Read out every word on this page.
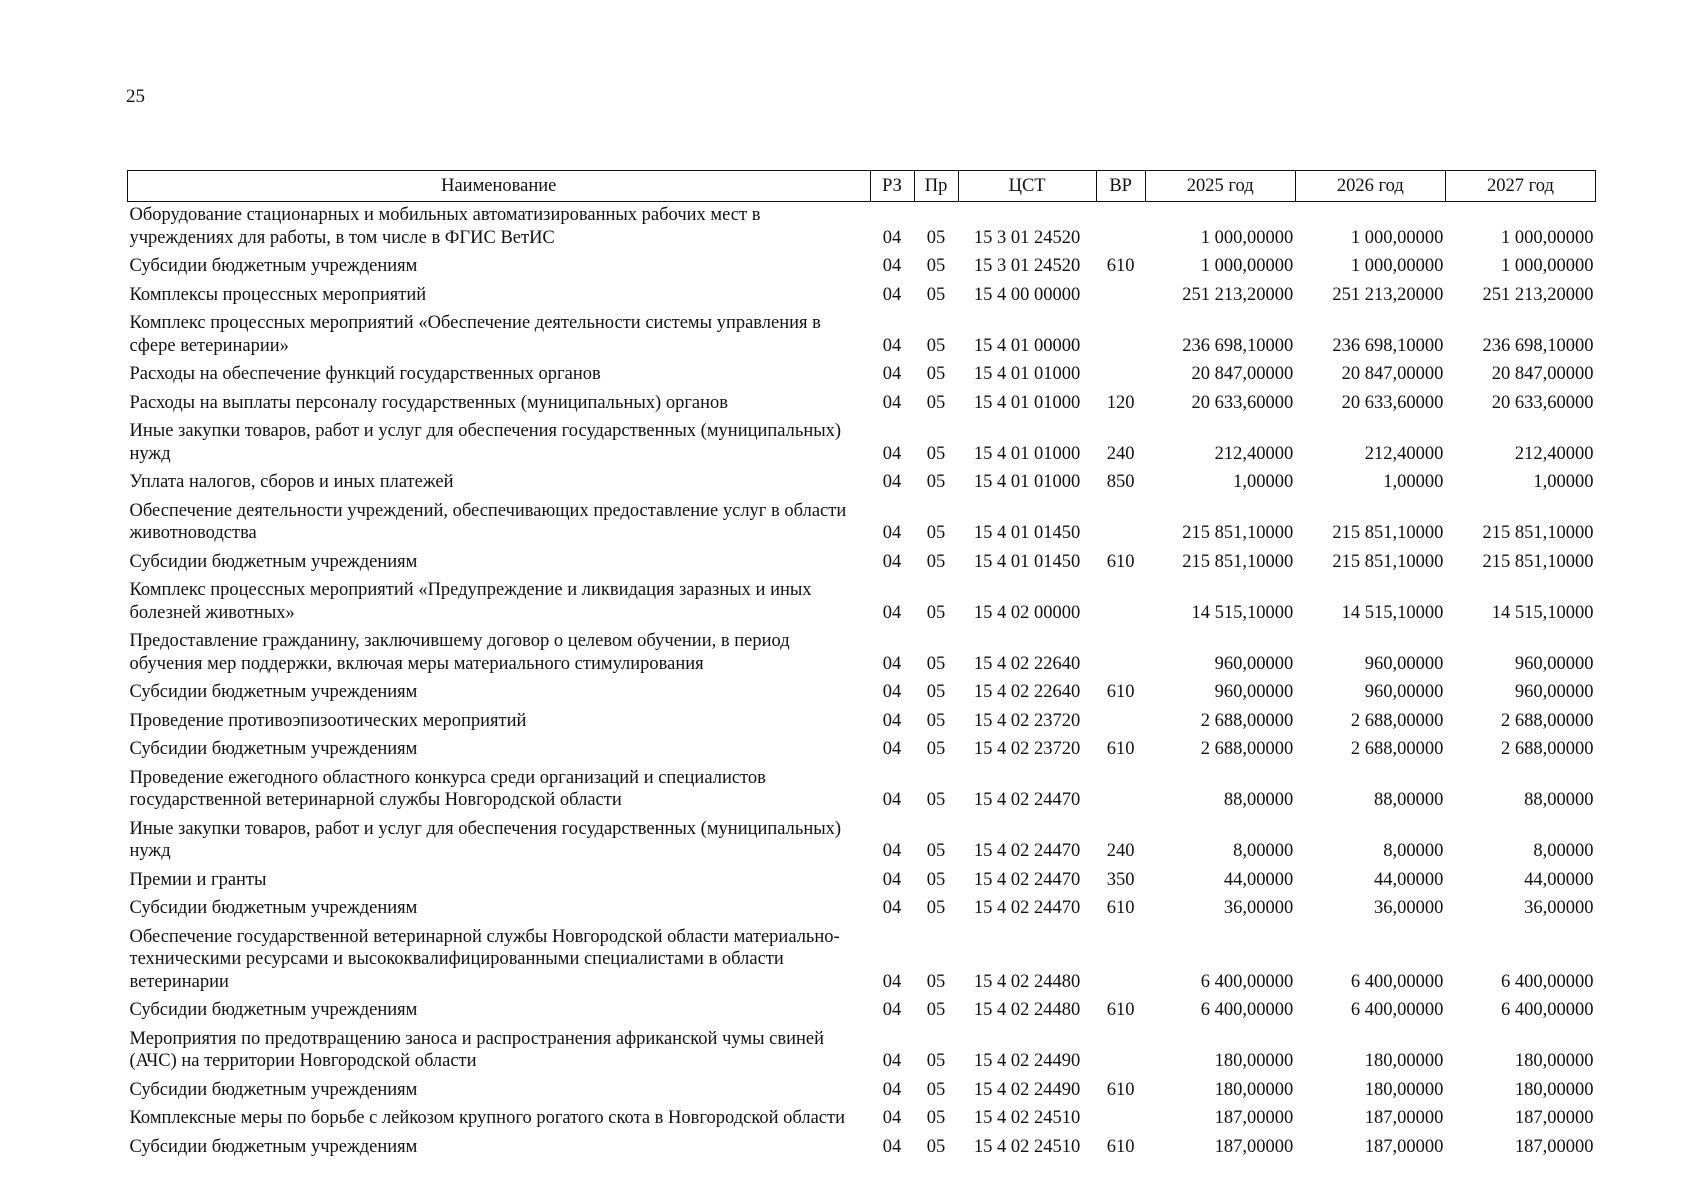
25
Наименование	РЗ	Пр	ЦСТ	ВР	2025 год	2026 год	2027 год
Оборудование стационарных и мобильных автоматизированных рабочих мест в учреждениях для работы, в том числе в ФГИС ВетИС	04	05	15 3 01 24520		1 000,00000	1 000,00000	1 000,00000
Субсидии бюджетным учреждениям	04	05	15 3 01 24520	610	1 000,00000	1 000,00000	1 000,00000
Комплексы процессных мероприятий	04	05	15 4 00 00000		251 213,20000	251 213,20000	251 213,20000
Комплекс процессных мероприятий «Обеспечение деятельности системы управления в сфере ветеринарии»	04	05	15 4 01 00000		236 698,10000	236 698,10000	236 698,10000
Расходы на обеспечение функций государственных органов	04	05	15 4 01 01000		20 847,00000	20 847,00000	20 847,00000
Расходы на выплаты персоналу государственных (муниципальных) органов	04	05	15 4 01 01000	120	20 633,60000	20 633,60000	20 633,60000
Иные закупки товаров, работ и услуг для обеспечения государственных (муниципальных) нужд	04	05	15 4 01 01000	240	212,40000	212,40000	212,40000
Уплата налогов, сборов и иных платежей	04	05	15 4 01 01000	850	1,00000	1,00000	1,00000
Обеспечение деятельности учреждений, обеспечивающих предоставление услуг в области животноводства	04	05	15 4 01 01450		215 851,10000	215 851,10000	215 851,10000
Субсидии бюджетным учреждениям	04	05	15 4 01 01450	610	215 851,10000	215 851,10000	215 851,10000
Комплекс процессных мероприятий «Предупреждение и ликвидация заразных и иных болезней животных»	04	05	15 4 02 00000		14 515,10000	14 515,10000	14 515,10000
Предоставление гражданину, заключившему договор о целевом обучении, в период обучения мер поддержки, включая меры материального стимулирования	04	05	15 4 02 22640		960,00000	960,00000	960,00000
Субсидии бюджетным учреждениям	04	05	15 4 02 22640	610	960,00000	960,00000	960,00000
Проведение противоэпизоотических мероприятий	04	05	15 4 02 23720		2 688,00000	2 688,00000	2 688,00000
Субсидии бюджетным учреждениям	04	05	15 4 02 23720	610	2 688,00000	2 688,00000	2 688,00000
Проведение ежегодного областного конкурса среди организаций и специалистов государственной ветеринарной службы Новгородской области	04	05	15 4 02 24470		88,00000	88,00000	88,00000
Иные закупки товаров, работ и услуг для обеспечения государственных (муниципальных) нужд	04	05	15 4 02 24470	240	8,00000	8,00000	8,00000
Премии и гранты	04	05	15 4 02 24470	350	44,00000	44,00000	44,00000
Субсидии бюджетным учреждениям	04	05	15 4 02 24470	610	36,00000	36,00000	36,00000
Обеспечение государственной ветеринарной службы Новгородской области материально-техническими ресурсами и высококвалифицированными специалистами в области ветеринарии	04	05	15 4 02 24480		6 400,00000	6 400,00000	6 400,00000
Субсидии бюджетным учреждениям	04	05	15 4 02 24480	610	6 400,00000	6 400,00000	6 400,00000
Мероприятия по предотвращению заноса и распространения африканской чумы свиней (АЧС) на территории Новгородской области	04	05	15 4 02 24490		180,00000	180,00000	180,00000
Субсидии бюджетным учреждениям	04	05	15 4 02 24490	610	180,00000	180,00000	180,00000
Комплексные меры по борьбе с лейкозом крупного рогатого скота в Новгородской области	04	05	15 4 02 24510		187,00000	187,00000	187,00000
Субсидии бюджетным учреждениям	04	05	15 4 02 24510	610	187,00000	187,00000	187,00000
